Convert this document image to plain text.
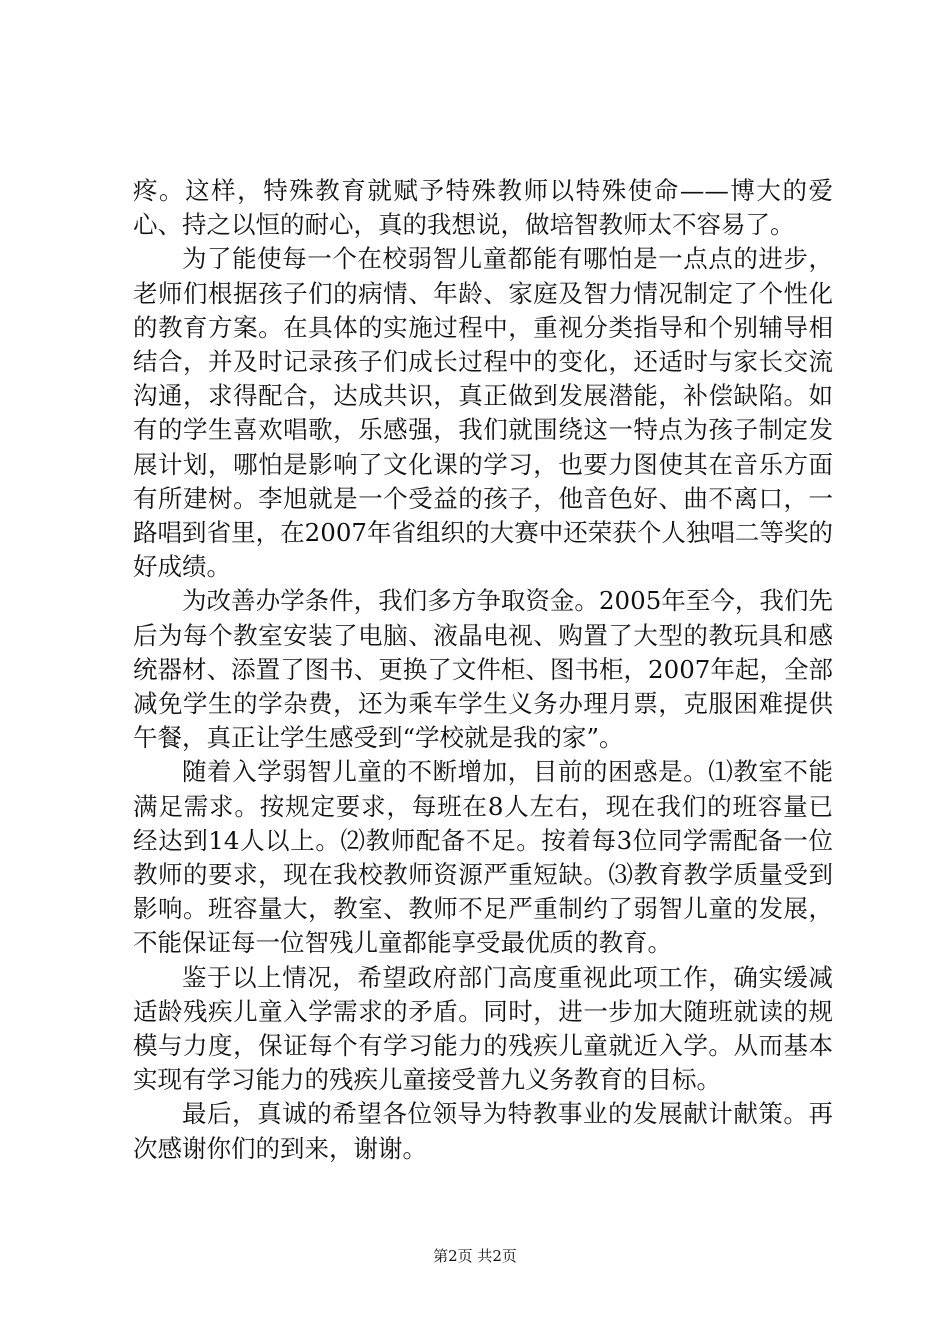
疼。这样，特殊教育就赋予特殊教师以特殊使命——博大的爱心、持之以恒的耐心，真的我想说，做培智教师太不容易了。

为了能使每一个在校弱智儿童都能有哪怕是一点点的进步，老师们根据孩子们的病情、年龄、家庭及智力情况制定了个性化的教育方案。在具体的实施过程中，重视分类指导和个别辅导相结合，并及时记录孩子们成长过程中的变化，还适时与家长交流沟通，求得配合，达成共识，真正做到发展潜能，补偿缺陷。如有的学生喜欢唱歌，乐感强，我们就围绕这一特点为孩子制定发展计划，哪怕是影响了文化课的学习，也要力图使其在音乐方面有所建树。李旭就是一个受益的孩子，他音色好、曲不离口，一路唱到省里，在2007年省组织的大赛中还荣获个人独唱二等奖的好成绩。

为改善办学条件，我们多方争取资金。2005年至今，我们先后为每个教室安装了电脑、液晶电视、购置了大型的教玩具和感统器材、添置了图书、更换了文件柜、图书柜，2007年起，全部减免学生的学杂费，还为乘车学生义务办理月票，克服困难提供午餐，真正让学生感受到“学校就是我的家”。

随着入学弱智儿童的不断增加，目前的困惑是。⑴教室不能满足需求。按规定要求，每班在8人左右，现在我们的班容量已经达到14人以上。⑵教师配备不足。按着每3位同学需配备一位教师的要求，现在我校教师资源严重短缺。⑶教育教学质量受到影响。班容量大，教室、教师不足严重制约了弱智儿童的发展，不能保证每一位智残儿童都能享受最优质的教育。

鉴于以上情况，希望政府部门高度重视此项工作，确实缓减适龄残疾儿童入学需求的矛盾。同时，进一步加大随班就读的规模与力度，保证每个有学习能力的残疾儿童就近入学。从而基本实现有学习能力的残疾儿童接受普九义务教育的目标。

最后，真诚的希望各位领导为特教事业的发展献计献策。再次感谢你们的到来，谢谢。

第2页 共2页
